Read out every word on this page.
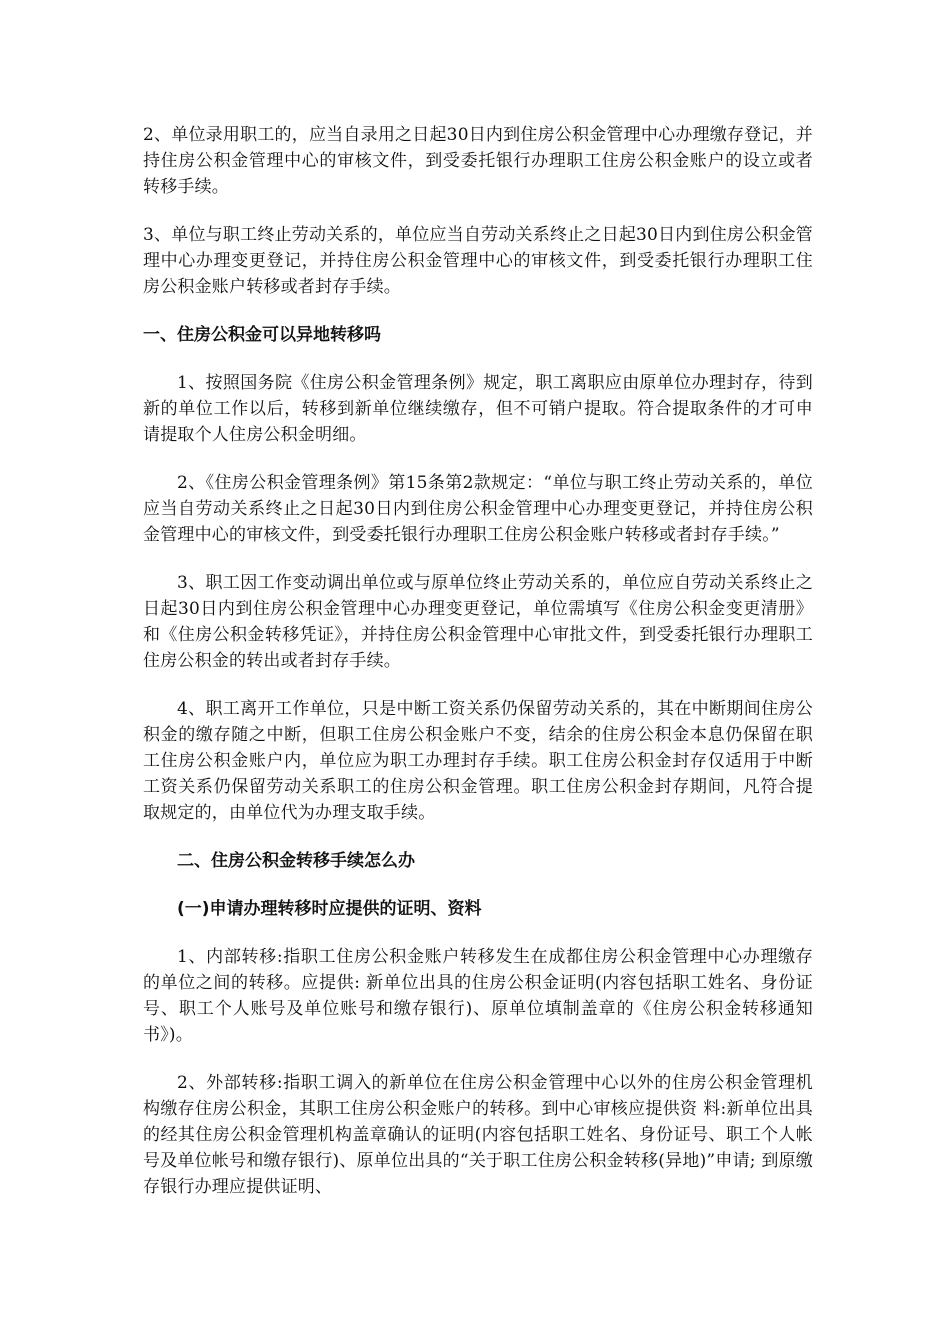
2、单位录用职工的，应当自录用之日起30日内到住房公积金管理中心办理缴存登记，并持住房公积金管理中心的审核文件，到受委托银行办理职工住房公积金账户的设立或者转移手续。

3、单位与职工终止劳动关系的，单位应当自劳动关系终止之日起30日内到住房公积金管理中心办理变更登记，并持住房公积金管理中心的审核文件，到受委托银行办理职工住房公积金账户转移或者封存手续。

一、住房公积金可以异地转移吗

1、按照国务院《住房公积金管理条例》规定，职工离职应由原单位办理封存，待到新的单位工作以后，转移到新单位继续缴存，但不可销户提取。符合提取条件的才可申请提取个人住房公积金明细。

2、《住房公积金管理条例》第15条第2款规定：“单位与职工终止劳动关系的，单位应当自劳动关系终止之日起30日内到住房公积金管理中心办理变更登记，并持住房公积金管理中心的审核文件，到受委托银行办理职工住房公积金账户转移或者封存手续。”

3、职工因工作变动调出单位或与原单位终止劳动关系的，单位应自劳动关系终止之日起30日内到住房公积金管理中心办理变更登记，单位需填写《住房公积金变更清册》和《住房公积金转移凭证》，并持住房公积金管理中心审批文件，到受委托银行办理职工住房公积金的转出或者封存手续。

4、职工离开工作单位，只是中断工资关系仍保留劳动关系的，其在中断期间住房公积金的缴存随之中断，但职工住房公积金账户不变，结余的住房公积金本息仍保留在职工住房公积金账户内，单位应为职工办理封存手续。职工住房公积金封存仅适用于中断工资关系仍保留劳动关系职工的住房公积金管理。职工住房公积金封存期间，凡符合提取规定的，由单位代为办理支取手续。

二、住房公积金转移手续怎么办
(一)申请办理转移时应提供的证明、资料

1、内部转移:指职工住房公积金账户转移发生在成都住房公积金管理中心办理缴存的单位之间的转移。应提供: 新单位出具的住房公积金证明(内容包括职工姓名、身份证号、职工个人账号及单位账号和缴存银行)、原单位填制盖章的《住房公积金转移通知书》)。

2、外部转移:指职工调入的新单位在住房公积金管理中心以外的住房公积金管理机构缴存住房公积金，其职工住房公积金账户的转移。到中心审核应提供资 料:新单位出具的经其住房公积金管理机构盖章确认的证明(内容包括职工姓名、身份证号、职工个人帐号及单位帐号和缴存银行)、原单位出具的“关于职工住房公积金转移(异地)”申请; 到原缴存银行办理应提供证明、
